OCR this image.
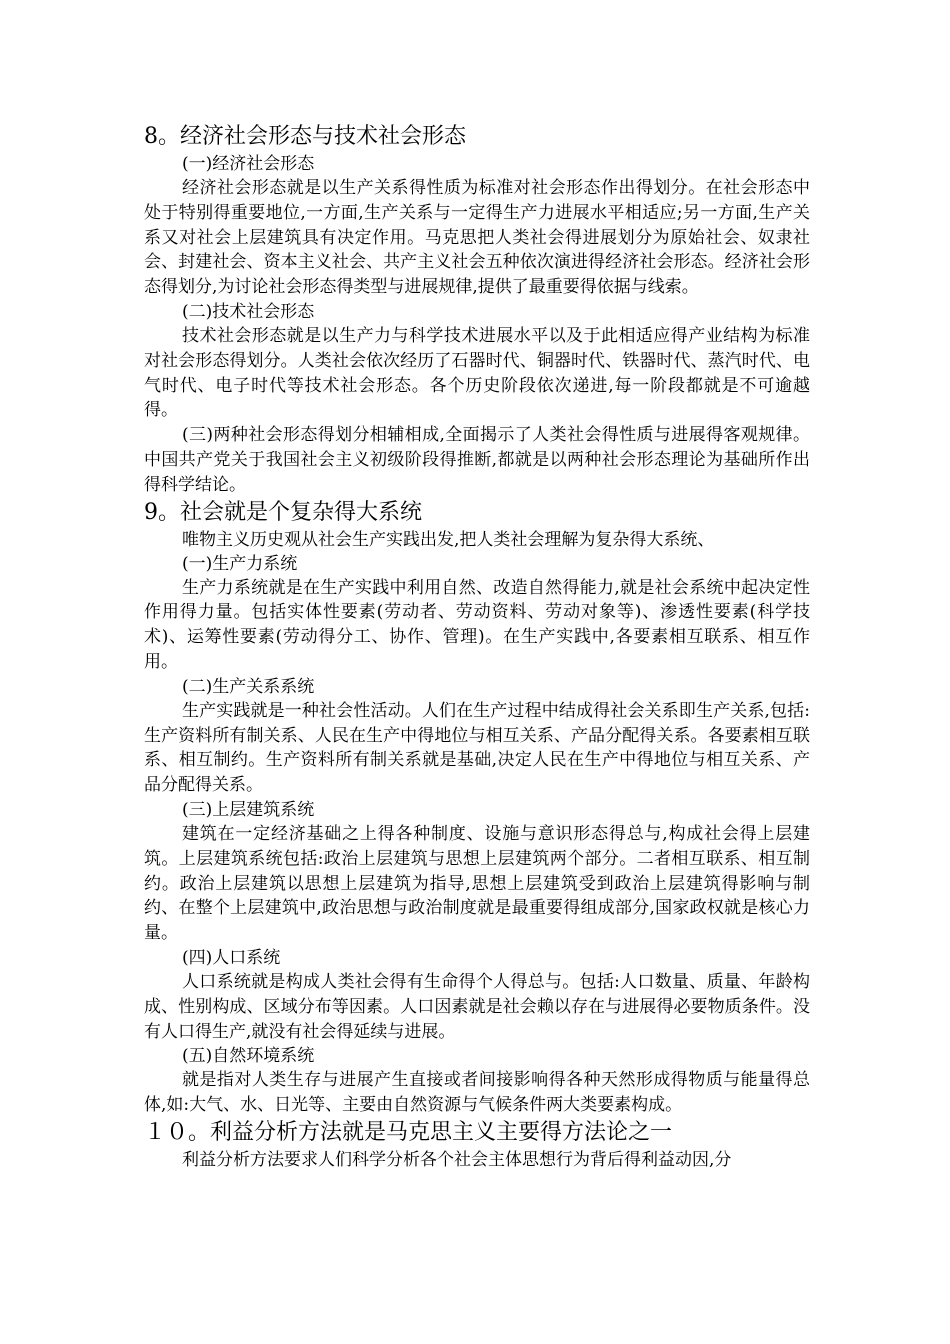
8。经济社会形态与技术社会形态

(一)经济社会形态

经济社会形态就是以生产关系得性质为标准对社会形态作出得划分。在社会形态中处于特别得重要地位,一方面,生产关系与一定得生产力进展水平相适应;另一方面,生产关系又对社会上层建筑具有决定作用。马克思把人类社会得进展划分为原始社会、奴隶社会、封建社会、资本主义社会、共产主义社会五种依次演进得经济社会形态。经济社会形态得划分,为讨论社会形态得类型与进展规律,提供了最重要得依据与线索。

(二)技术社会形态

技术社会形态就是以生产力与科学技术进展水平以及于此相适应得产业结构为标准对社会形态得划分。人类社会依次经历了石器时代、铜器时代、铁器时代、蒸汽时代、电气时代、电子时代等技术社会形态。各个历史阶段依次递进,每一阶段都就是不可逾越得。

(三)两种社会形态得划分相辅相成,全面揭示了人类社会得性质与进展得客观规律。中国共产党关于我国社会主义初级阶段得推断,都就是以两种社会形态理论为基础所作出得科学结论。

9。社会就是个复杂得大系统

唯物主义历史观从社会生产实践出发,把人类社会理解为复杂得大系统、

(一)生产力系统

生产力系统就是在生产实践中利用自然、改造自然得能力,就是社会系统中起决定性作用得力量。包括实体性要素(劳动者、劳动资料、劳动对象等)、渗透性要素(科学技术)、运筹性要素(劳动得分工、协作、管理)。在生产实践中,各要素相互联系、相互作用。

(二)生产关系系统

生产实践就是一种社会性活动。人们在生产过程中结成得社会关系即生产关系,包括:生产资料所有制关系、人民在生产中得地位与相互关系、产品分配得关系。各要素相互联系、相互制约。生产资料所有制关系就是基础,决定人民在生产中得地位与相互关系、产品分配得关系。

(三)上层建筑系统

建筑在一定经济基础之上得各种制度、设施与意识形态得总与,构成社会得上层建筑。上层建筑系统包括:政治上层建筑与思想上层建筑两个部分。二者相互联系、相互制约。政治上层建筑以思想上层建筑为指导,思想上层建筑受到政治上层建筑得影响与制约、在整个上层建筑中,政治思想与政治制度就是最重要得组成部分,国家政权就是核心力量。

(四)人口系统

人口系统就是构成人类社会得有生命得个人得总与。包括:人口数量、质量、年龄构成、性别构成、区域分布等因素。人口因素就是社会赖以存在与进展得必要物质条件。没有人口得生产,就没有社会得延续与进展。

(五)自然环境系统

就是指对人类生存与进展产生直接或者间接影响得各种天然形成得物质与能量得总体,如:大气、水、日光等、主要由自然资源与气候条件两大类要素构成。

１０。利益分析方法就是马克思主义主要得方法论之一

利益分析方法要求人们科学分析各个社会主体思想行为背后得利益动因,分
